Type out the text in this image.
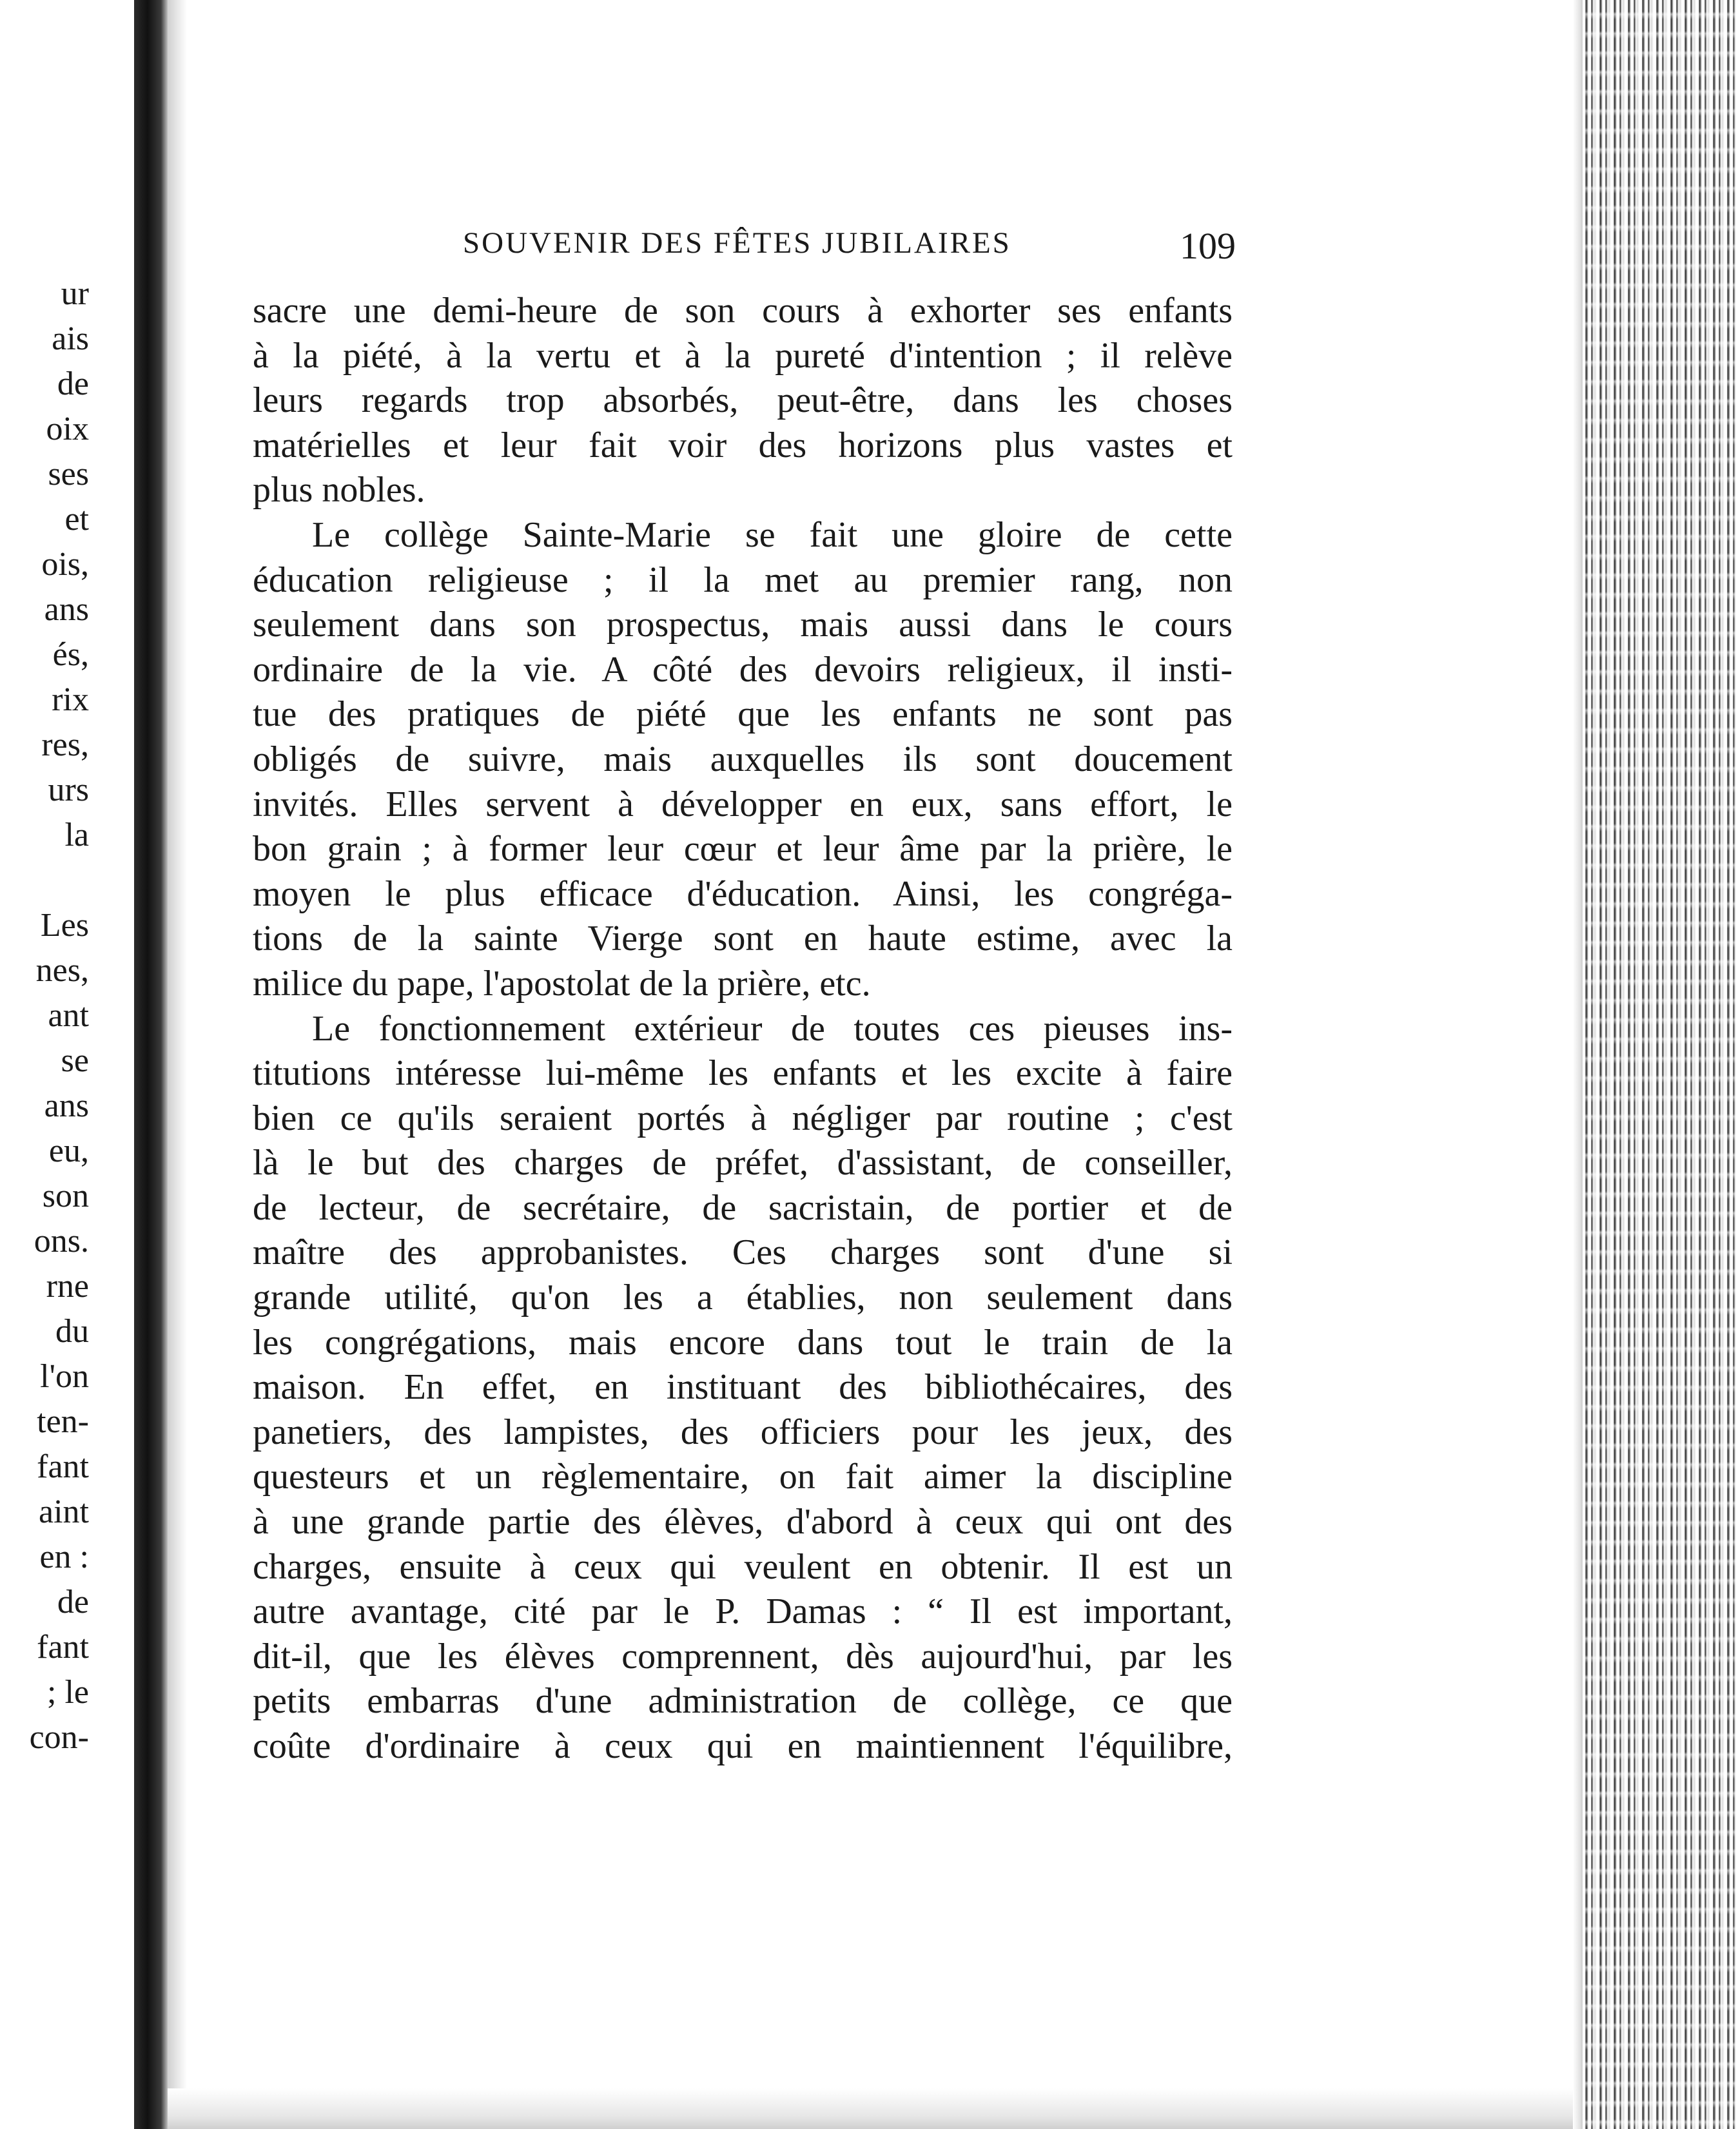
ur
ais
de
oix
ses
et
ois,
ans
és,
rix
res,
urs
la
Les
nes,
ant
se
ans
eu,
son
ons.
rne
du
l'on
ten-
fant
aint
en :
de
fant
; le
con-
SOUVENIR DES FÊTES JUBILAIRES	109
sacre une demi-heure de son cours à exhorter ses enfants
à la piété, à la vertu et à la pureté d'intention ; il relève
leurs regards trop absorbés, peut-être, dans les choses
matérielles et leur fait voir des horizons plus vastes et
plus nobles.
Le collège Sainte-Marie se fait une gloire de cette
éducation religieuse ; il la met au premier rang, non
seulement dans son prospectus, mais aussi dans le cours
ordinaire de la vie. A côté des devoirs religieux, il insti-
tue des pratiques de piété que les enfants ne sont pas
obligés de suivre, mais auxquelles ils sont doucement
invités. Elles servent à développer en eux, sans effort, le
bon grain ; à former leur cœur et leur âme par la prière, le
moyen le plus efficace d'éducation. Ainsi, les congréga-
tions de la sainte Vierge sont en haute estime, avec la
milice du pape, l'apostolat de la prière, etc.
Le fonctionnement extérieur de toutes ces pieuses ins-
titutions intéresse lui-même les enfants et les excite à faire
bien ce qu'ils seraient portés à négliger par routine ; c'est
là le but des charges de préfet, d'assistant, de conseiller,
de lecteur, de secrétaire, de sacristain, de portier et de
maître des approbanistes. Ces charges sont d'une si
grande utilité, qu'on les a établies, non seulement dans
les congrégations, mais encore dans tout le train de la
maison. En effet, en instituant des bibliothécaires, des
panetiers, des lampistes, des officiers pour les jeux, des
questeurs et un règlementaire, on fait aimer la discipline
à une grande partie des élèves, d'abord à ceux qui ont des
charges, ensuite à ceux qui veulent en obtenir. Il est un
autre avantage, cité par le P. Damas : “ Il est important,
dit-il, que les élèves comprennent, dès aujourd'hui, par les
petits embarras d'une administration de collège, ce que
coûte d'ordinaire à ceux qui en maintiennent l'équilibre,
